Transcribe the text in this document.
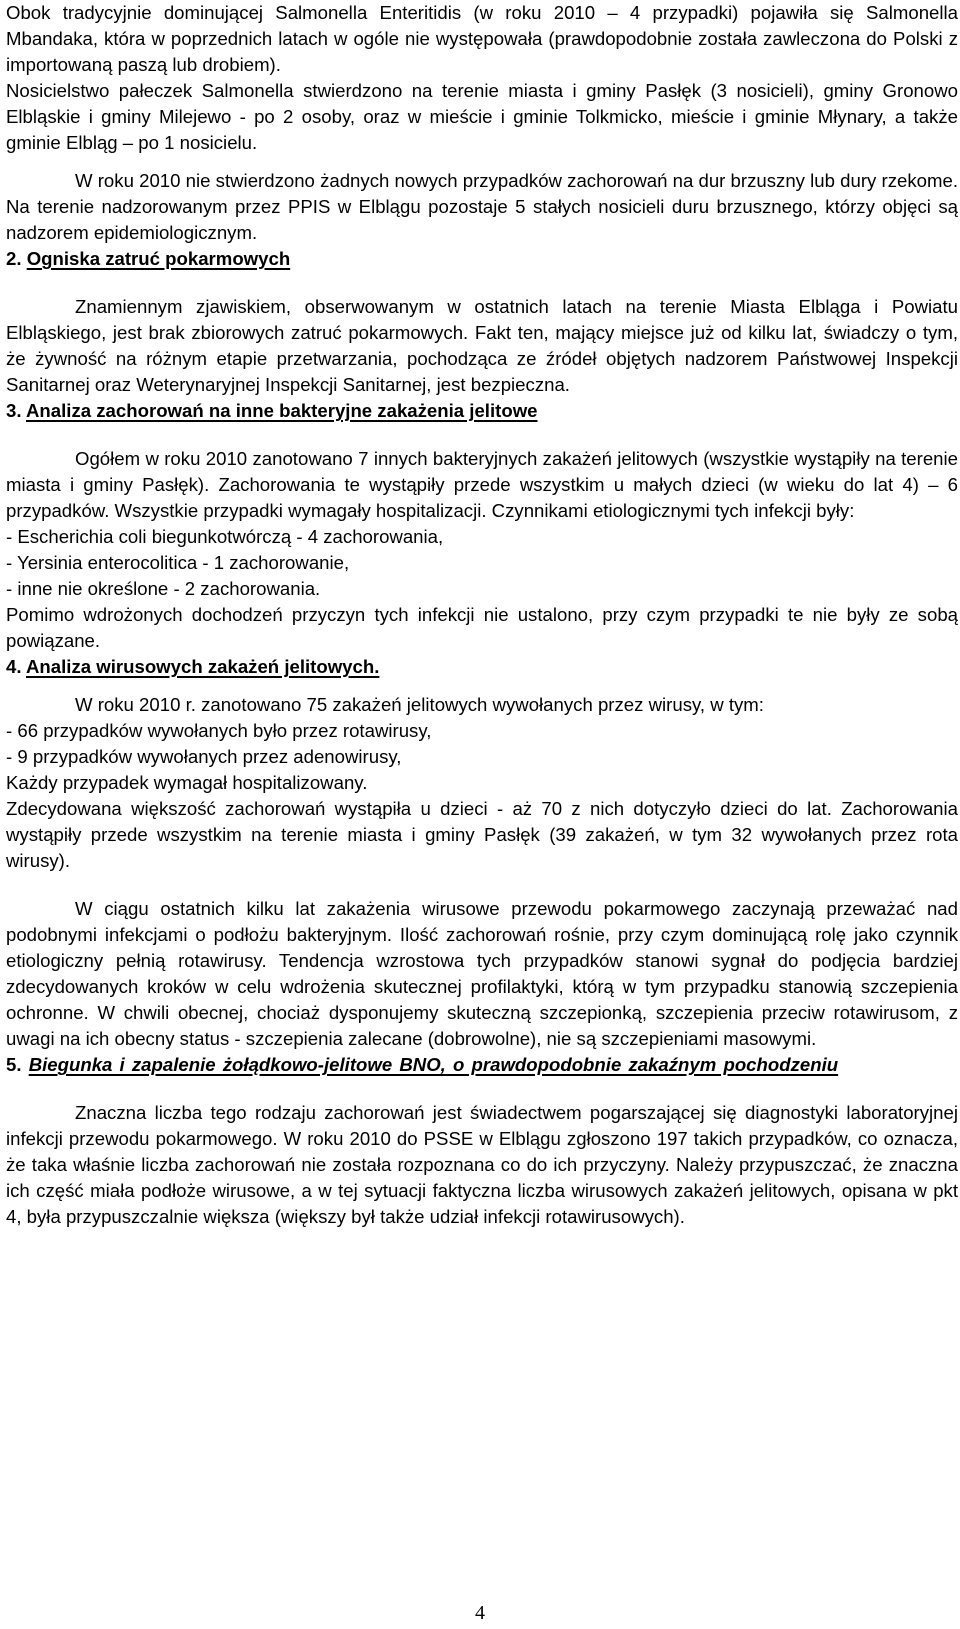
Obok tradycyjnie dominującej Salmonella Enteritidis (w roku 2010 – 4 przypadki) pojawiła się Salmonella Mbandaka, która w poprzednich latach w ogóle nie występowała (prawdopodobnie została zawleczona do Polski z importowaną paszą lub drobiem).

Nosicielstwo pałeczek Salmonella stwierdzono na terenie miasta i gminy Pasłęk (3 nosicieli), gminy Gronowo Elbląskie i gminy Milejewo - po 2 osoby, oraz w mieście i gminie Tolkmicko, mieście i gminie Młynary, a także gminie Elbląg – po 1 nosicielu.

W roku 2010 nie stwierdzono żadnych nowych przypadków zachorowań na dur brzuszny lub dury rzekome. Na terenie nadzorowanym przez PPIS w Elblągu pozostaje 5 stałych nosicieli duru brzusznego, którzy objęci są nadzorem epidemiologicznym.

2. Ogniska zatruć pokarmowych

Znamiennym zjawiskiem, obserwowanym w ostatnich latach na terenie Miasta Elbląga i Powiatu Elbląskiego, jest brak zbiorowych zatruć pokarmowych. Fakt ten, mający miejsce już od kilku lat, świadczy o tym, że żywność na różnym etapie przetwarzania, pochodząca ze źródeł objętych nadzorem Państwowej Inspekcji Sanitarnej oraz Weterynaryjnej Inspekcji Sanitarnej, jest bezpieczna.

3. Analiza zachorowań na inne bakteryjne zakażenia jelitowe

Ogółem w roku 2010 zanotowano 7 innych bakteryjnych zakażeń jelitowych (wszystkie wystąpiły na terenie miasta i gminy Pasłęk). Zachorowania te wystąpiły przede wszystkim u małych dzieci (w wieku do lat 4) – 6 przypadków. Wszystkie przypadki wymagały hospitalizacji. Czynnikami etiologicznymi tych infekcji były:

- Escherichia coli biegunkotwórczą - 4 zachorowania,
- Yersinia enterocolitica - 1 zachorowanie,
- inne nie określone - 2 zachorowania.

Pomimo wdrożonych dochodzeń przyczyn tych infekcji nie ustalono, przy czym przypadki te nie były ze sobą powiązane.

4. Analiza wirusowych zakażeń jelitowych.

W roku 2010 r. zanotowano 75 zakażeń jelitowych wywołanych przez wirusy, w tym:

- 66 przypadków wywołanych było przez rotawirusy,
- 9 przypadków wywołanych przez adenowirusy,
Każdy przypadek wymagał hospitalizowany.

Zdecydowana większość zachorowań wystąpiła u dzieci - aż 70 z nich dotyczyło dzieci do lat. Zachorowania wystąpiły przede wszystkim na terenie miasta i gminy Pasłęk (39 zakażeń, w tym 32 wywołanych przez rota wirusy).

W ciągu ostatnich kilku lat zakażenia wirusowe przewodu pokarmowego zaczynają przeważać nad podobnymi infekcjami o podłożu bakteryjnym. Ilość zachorowań rośnie, przy czym dominującą rolę jako czynnik etiologiczny pełnią rotawirusy. Tendencja wzrostowa tych przypadków stanowi sygnał do podjęcia bardziej zdecydowanych kroków w celu wdrożenia skutecznej profilaktyki, którą w tym przypadku stanowią szczepienia ochronne. W chwili obecnej, chociaż dysponujemy skuteczną szczepionką, szczepienia przeciw rotawirusom, z uwagi na ich obecny status - szczepienia zalecane (dobrowolne), nie są szczepieniami masowymi.

5. Biegunka i zapalenie żołądkowo-jelitowe BNO, o prawdopodobnie zakaźnym pochodzeniu

Znaczna liczba tego rodzaju zachorowań jest świadectwem pogarszającej się diagnostyki laboratoryjnej infekcji przewodu pokarmowego. W roku 2010 do PSSE w Elblągu zgłoszono 197 takich przypadków, co oznacza, że taka właśnie liczba zachorowań nie została rozpoznana co do ich przyczyny. Należy przypuszczać, że znaczna ich część miała podłoże wirusowe, a w tej sytuacji faktyczna liczba wirusowych zakażeń jelitowych, opisana w pkt 4, była przypuszczalnie większa (większy był także udział infekcji rotawirusowych).

4
